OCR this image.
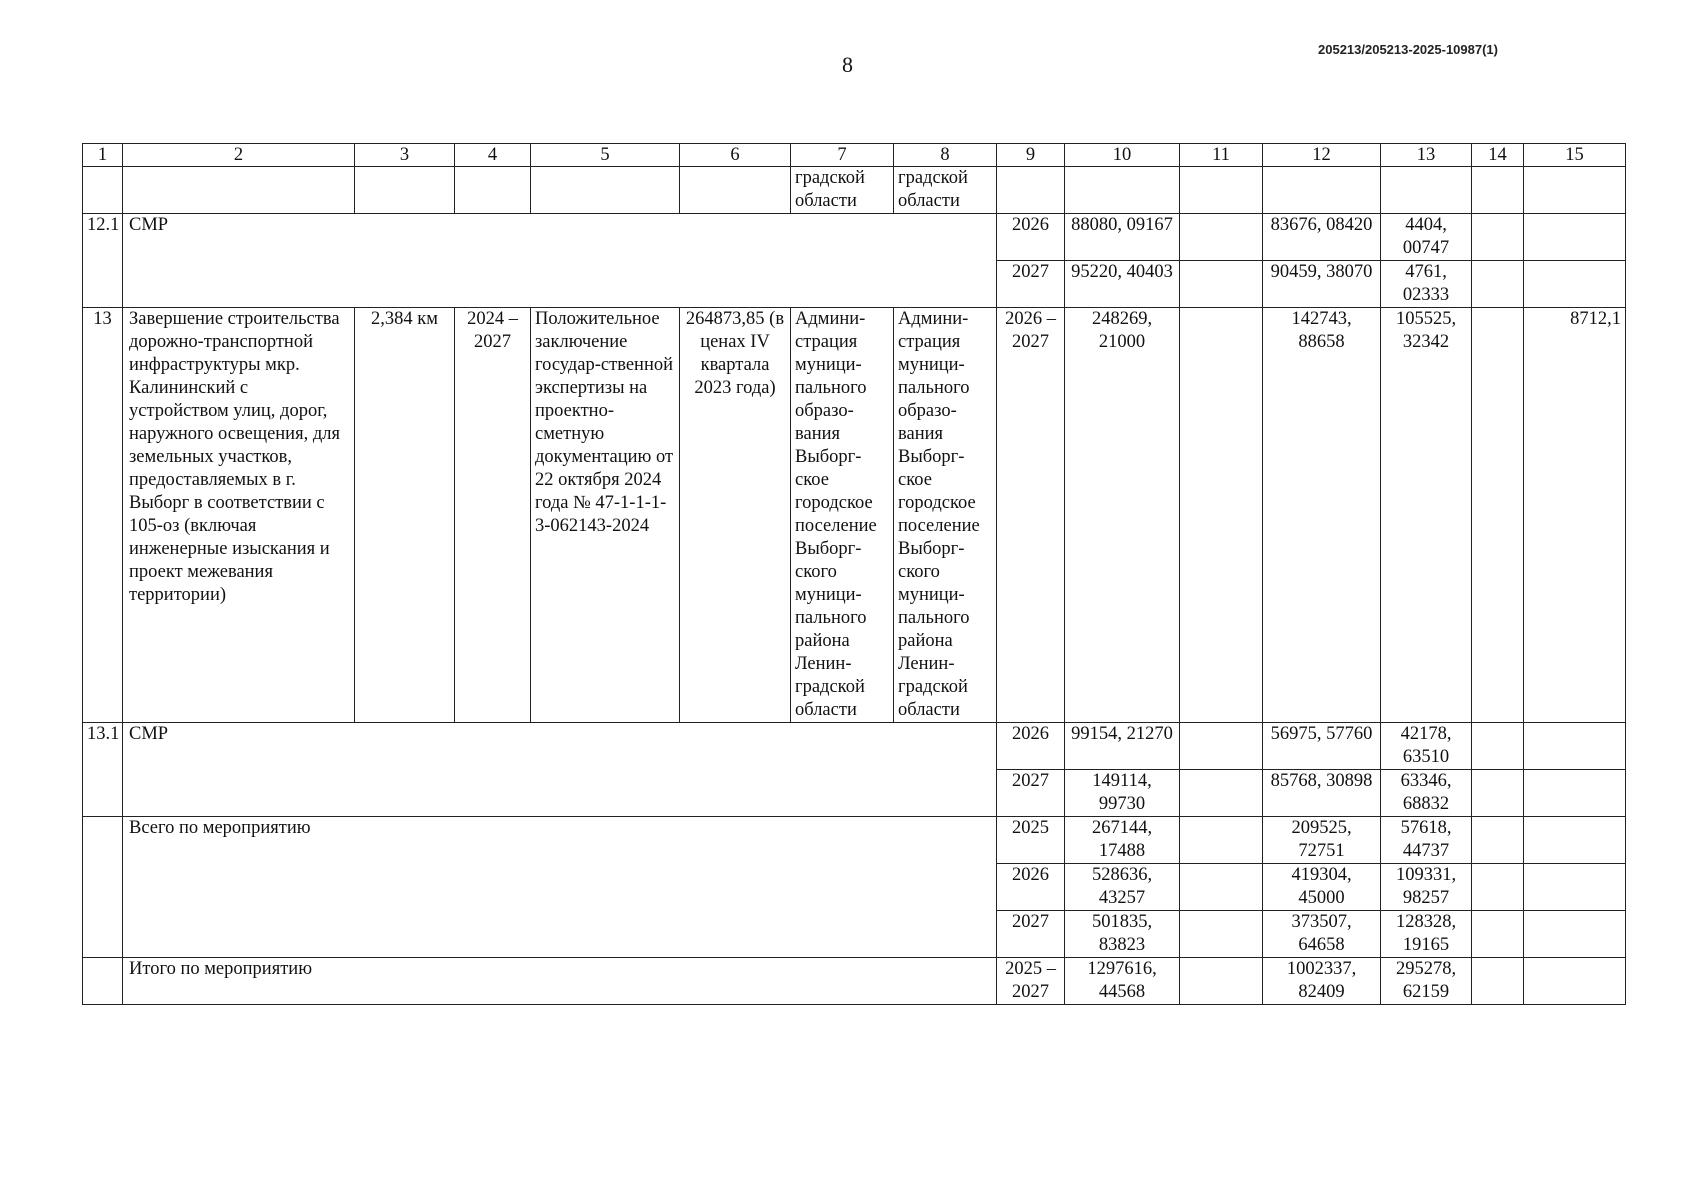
8
205213/205213-2025-10987(1)
1	2	3	4	5	6	7	8	9	10	11	12	13	14	15
						градской области	градской области							
12.1	СМР							2026	88080, 09167		83676, 08420	4404, 00747		
								2027	95220, 40403		90459, 38070	4761, 02333		
13	Завершение строительства дорожно-транспортной инфраструктуры мкр. Калининский с устройством улиц, дорог, наружного освещения, для земельных участков, предоставляемых в г. Выборг в соответствии с 105-оз (включая инженерные изыскания и проект межевания территории)	2,384 км	2024 – 2027	Положительное заключение государ-ственной экспертизы на проектно-сметную документацию от 22 октября 2024 года № 47-1-1-1-3-062143-2024	264873,85 (в ценах IV квартала 2023 года)	Админи-страция муници-пального образо-вания Выборг-ское городское поселение Выборг-ского муници-пального района Ленин-градской области	Админи-страция муници-пального образо-вания Выборг-ское городское поселение Выборг-ского муници-пального района Ленин-градской области	2026 – 2027	248269, 21000		142743, 88658	105525, 32342		8712,1
13.1	СМР							2026	99154, 21270		56975, 57760	42178, 63510		
								2027	149114, 99730		85768, 30898	63346, 68832		
	Всего по мероприятию							2025	267144, 17488		209525, 72751	57618, 44737		
								2026	528636, 43257		419304, 45000	109331, 98257		
								2027	501835, 83823		373507, 64658	128328, 19165		
	Итого по мероприятию							2025 – 2027	1297616, 44568		1002337, 82409	295278, 62159		
